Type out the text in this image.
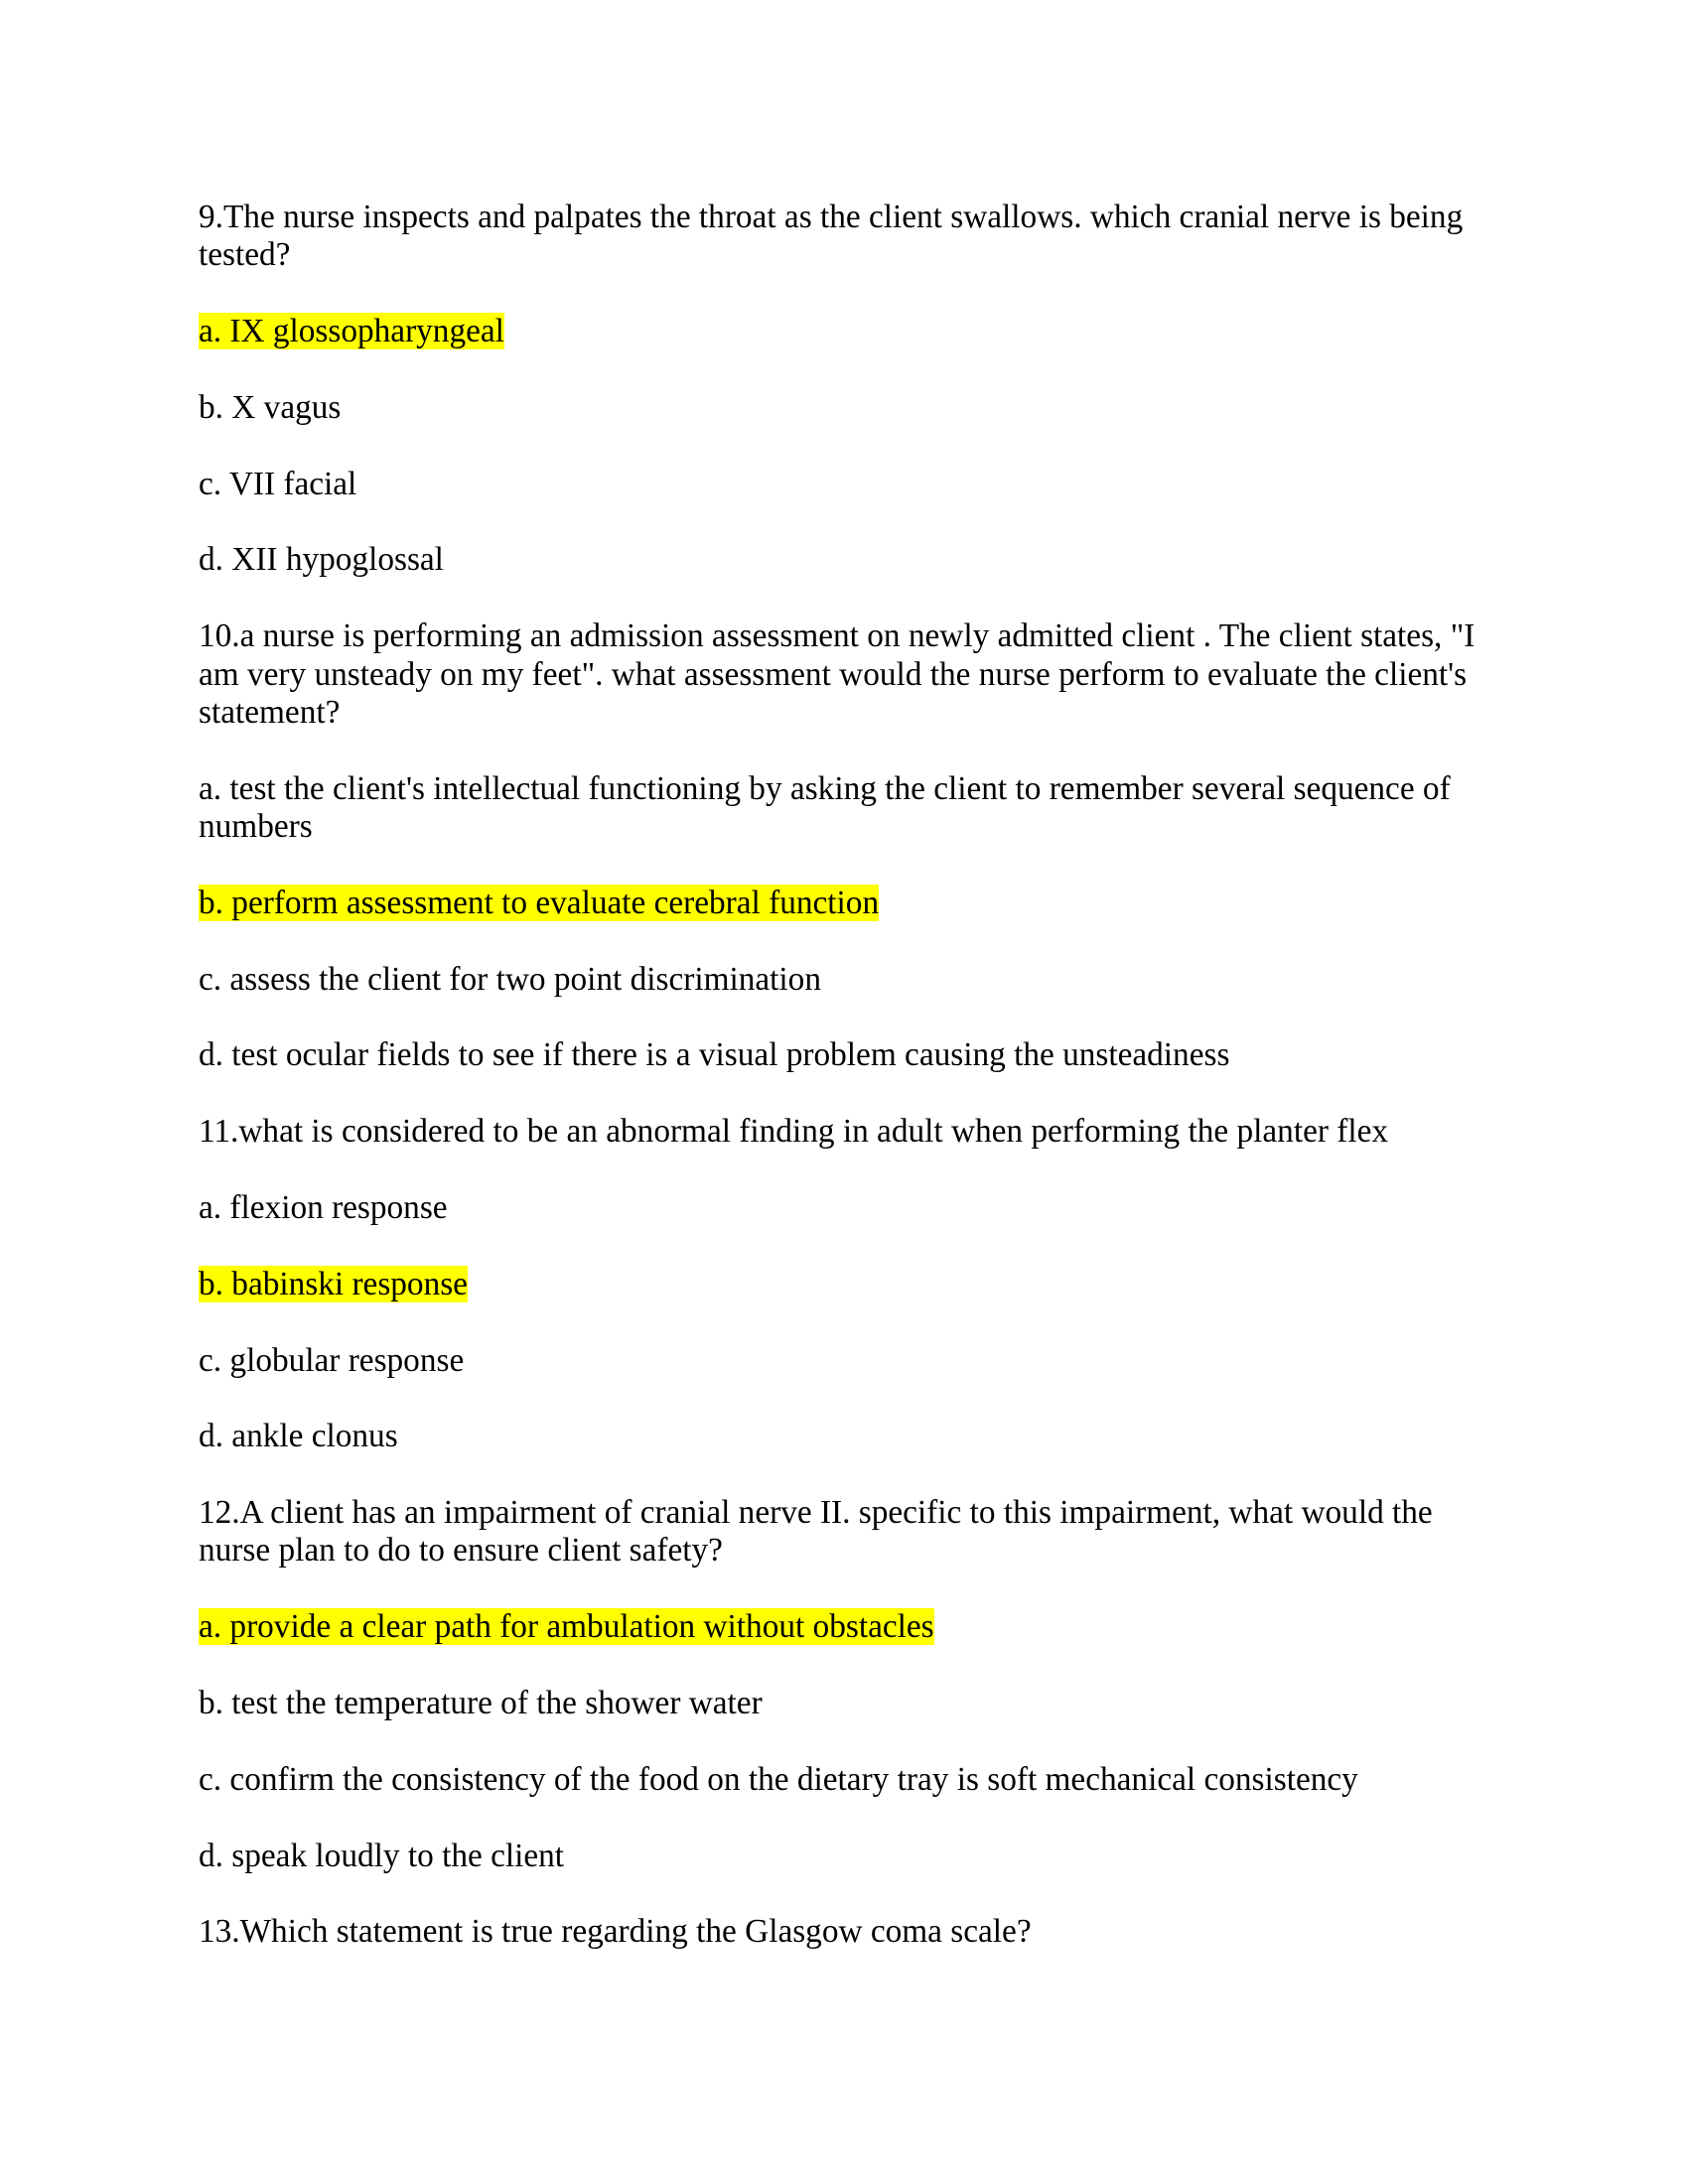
9.The nurse inspects and palpates the throat as the client swallows. which cranial nerve is being
tested?

a. IX glossopharyngeal

b. X vagus

c. VII facial

d. XII hypoglossal

10.a nurse is performing an admission assessment on newly admitted client . The client states, "I
am very unsteady on my feet". what assessment would the nurse perform to evaluate the client's
statement?

a. test the client's intellectual functioning by asking the client to remember several sequence of
numbers

b. perform assessment to evaluate cerebral function

c. assess the client for two point discrimination

d. test ocular fields to see if there is a visual problem causing the unsteadiness

11.what is considered to be an abnormal finding in adult when performing the planter flex

a. flexion response

b. babinski response

c. globular response

d. ankle clonus

12.A client has an impairment of cranial nerve II. specific to this impairment, what would the
nurse plan to do to ensure client safety?

a. provide a clear path for ambulation without obstacles

b. test the temperature of the shower water

c. confirm the consistency of the food on the dietary tray is soft mechanical consistency

d. speak loudly to the client

13.Which statement is true regarding the Glasgow coma scale?
